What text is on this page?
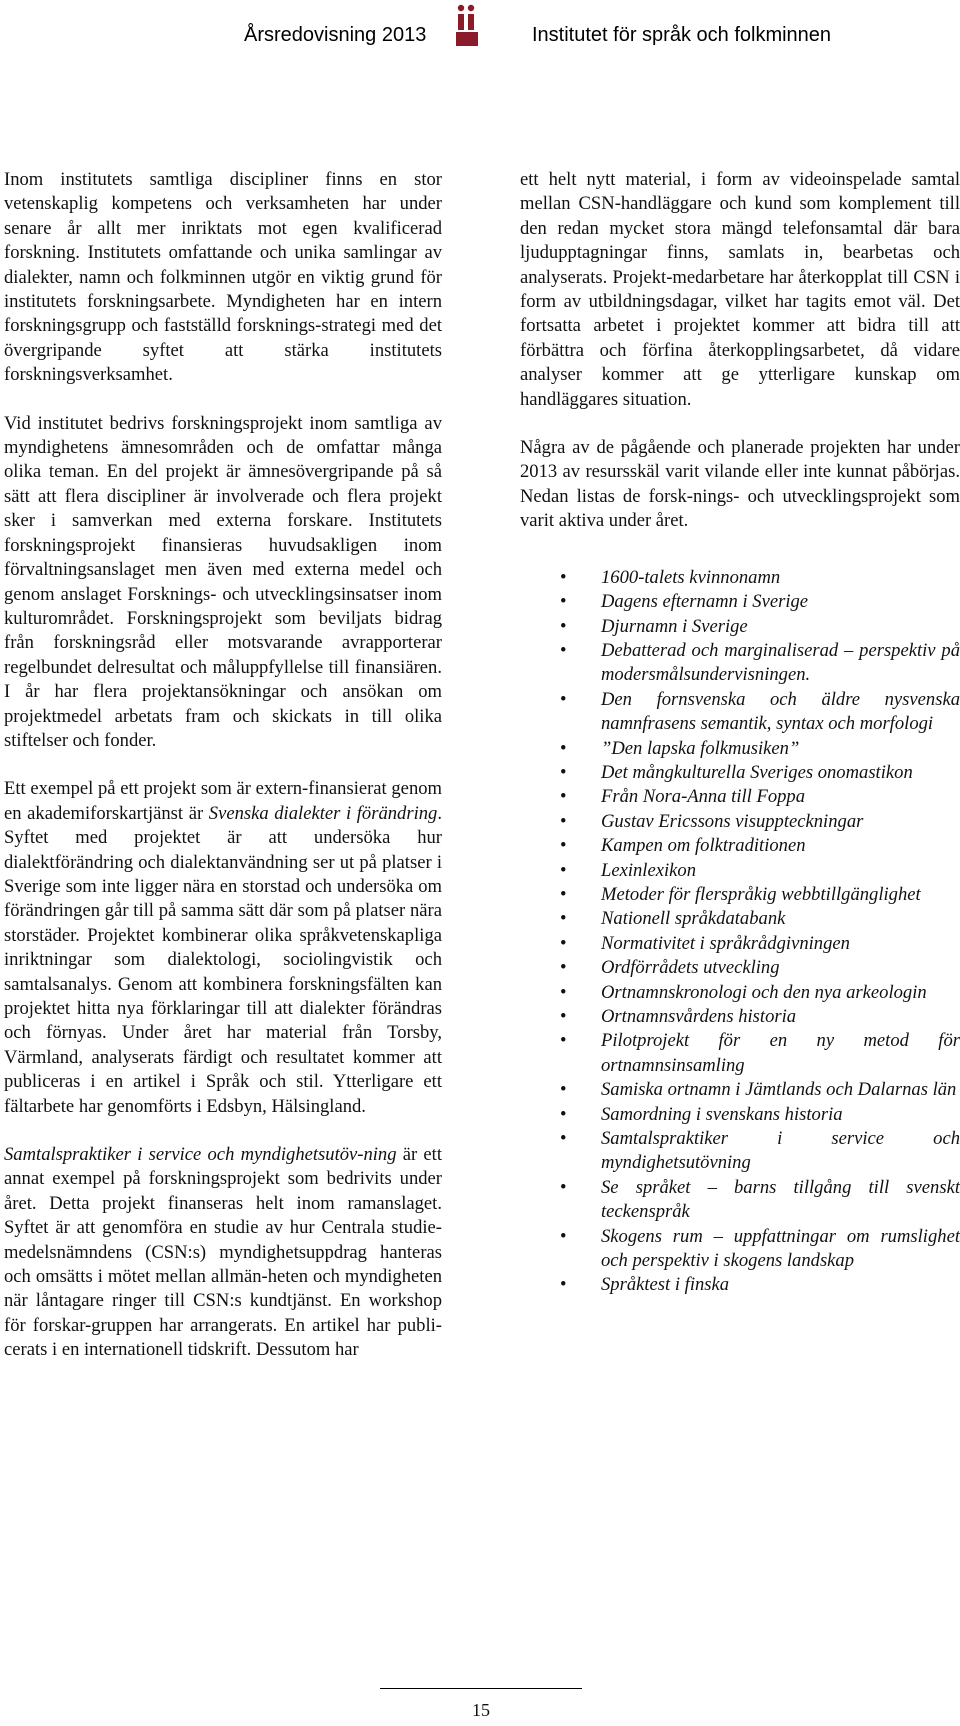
Årsredovisning 2013	Institutet för språk och folkminnen

Inom institutets samtliga discipliner finns en stor vetenskaplig kompetens och verksamheten har under senare år allt mer inriktats mot egen kvalificerad forskning. Institutets omfattande och unika samlingar av dialekter, namn och folkminnen utgör en viktig grund för institutets forskningsarbete. Myndigheten har en intern forskningsgrupp och fastställd forsknings-strategi med det övergripande syftet att stärka institutets forskningsverksamhet.

Vid institutet bedrivs forskningsprojekt inom samtliga av myndighetens ämnesområden och de omfattar många olika teman. En del projekt är ämnesövergripande på så sätt att flera discipliner är involverade och flera projekt sker i samverkan med externa forskare. Institutets forskningsprojekt finansieras huvudsakligen inom förvaltningsanslaget men även med externa medel och genom anslaget Forsknings- och utvecklingsinsatser inom kulturområdet. Forskningsprojekt som beviljats bidrag från forskningsråd eller motsvarande avrapporterar regelbundet delresultat och måluppfyllelse till finansiären. I år har flera projektansökningar och ansökan om projektmedel arbetats fram och skickats in till olika stiftelser och fonder.

Ett exempel på ett projekt som är extern-finansierat genom en akademiforskartjänst är Svenska dialekter i förändring. Syftet med projektet är att undersöka hur dialektförändring och dialektanvändning ser ut på platser i Sverige som inte ligger nära en storstad och undersöka om förändringen går till på samma sätt där som på platser nära storstäder. Projektet kombinerar olika språkvetenskapliga inriktningar som dialektologi, sociolingvistik och samtalsanalys. Genom att kombinera forskningsfälten kan projektet hitta nya förklaringar till att dialekter förändras och förnyas. Under året har material från Torsby, Värmland, analyserats färdigt och resultatet kommer att publiceras i en artikel i Språk och stil. Ytterligare ett fältarbete har genomförts i Edsbyn, Hälsingland.

Samtalspraktiker i service och myndighetsutöv-ning är ett annat exempel på forskningsprojekt som bedrivits under året. Detta projekt finanseras helt inom ramanslaget. Syftet är att genomföra en studie av hur Centrala studie-medelsnämndens (CSN:s) myndighetsuppdrag hanteras och omsätts i mötet mellan allmän-heten och myndigheten när låntagare ringer till CSN:s kundtjänst. En workshop för forskar-gruppen har arrangerats. En artikel har publi-cerats i en internationell tidskrift. Dessutom har

ett helt nytt material, i form av videoinspelade samtal mellan CSN-handläggare och kund som komplement till den redan mycket stora mängd telefonsamtal där bara ljudupptagningar finns, samlats in, bearbetas och analyserats. Projekt-medarbetare har återkopplat till CSN i form av utbildningsdagar, vilket har tagits emot väl. Det fortsatta arbetet i projektet kommer att bidra till att förbättra och förfina återkopplingsarbetet, då vidare analyser kommer att ge ytterligare kunskap om handläggares situation.

Några av de pågående och planerade projekten har under 2013 av resursskäl varit vilande eller inte kunnat påbörjas. Nedan listas de forsk-nings- och utvecklingsprojekt som varit aktiva under året.

• 1600-talets kvinnonamn
• Dagens efternamn i Sverige
• Djurnamn i Sverige
• Debatterad och marginaliserad – perspektiv på modersmålsundervisningen.
• Den fornsvenska och äldre nysvenska namnfrasens semantik, syntax och morfologi
• ”Den lapska folkmusiken”
• Det mångkulturella Sveriges onomastikon
• Från Nora-Anna till Foppa
• Gustav Ericssons visuppteckningar
• Kampen om folktraditionen
• Lexinlexikon
• Metoder för flerspråkig webbtillgänglighet
• Nationell språkdatabank
• Normativitet i språkrådgivningen
• Ordförrådets utveckling
• Ortnamnskronologi och den nya arkeologin
• Ortnamnsvårdens historia
• Pilotprojekt för en ny metod för ortnamnsinsamling
• Samiska ortnamn i Jämtlands och Dalarnas län
• Samordning i svenskans historia
• Samtalspraktiker i service och myndighetsutövning
• Se språket – barns tillgång till svenskt teckenspråk
• Skogens rum – uppfattningar om rumslighet och perspektiv i skogens landskap
• Språktest i finska
15
